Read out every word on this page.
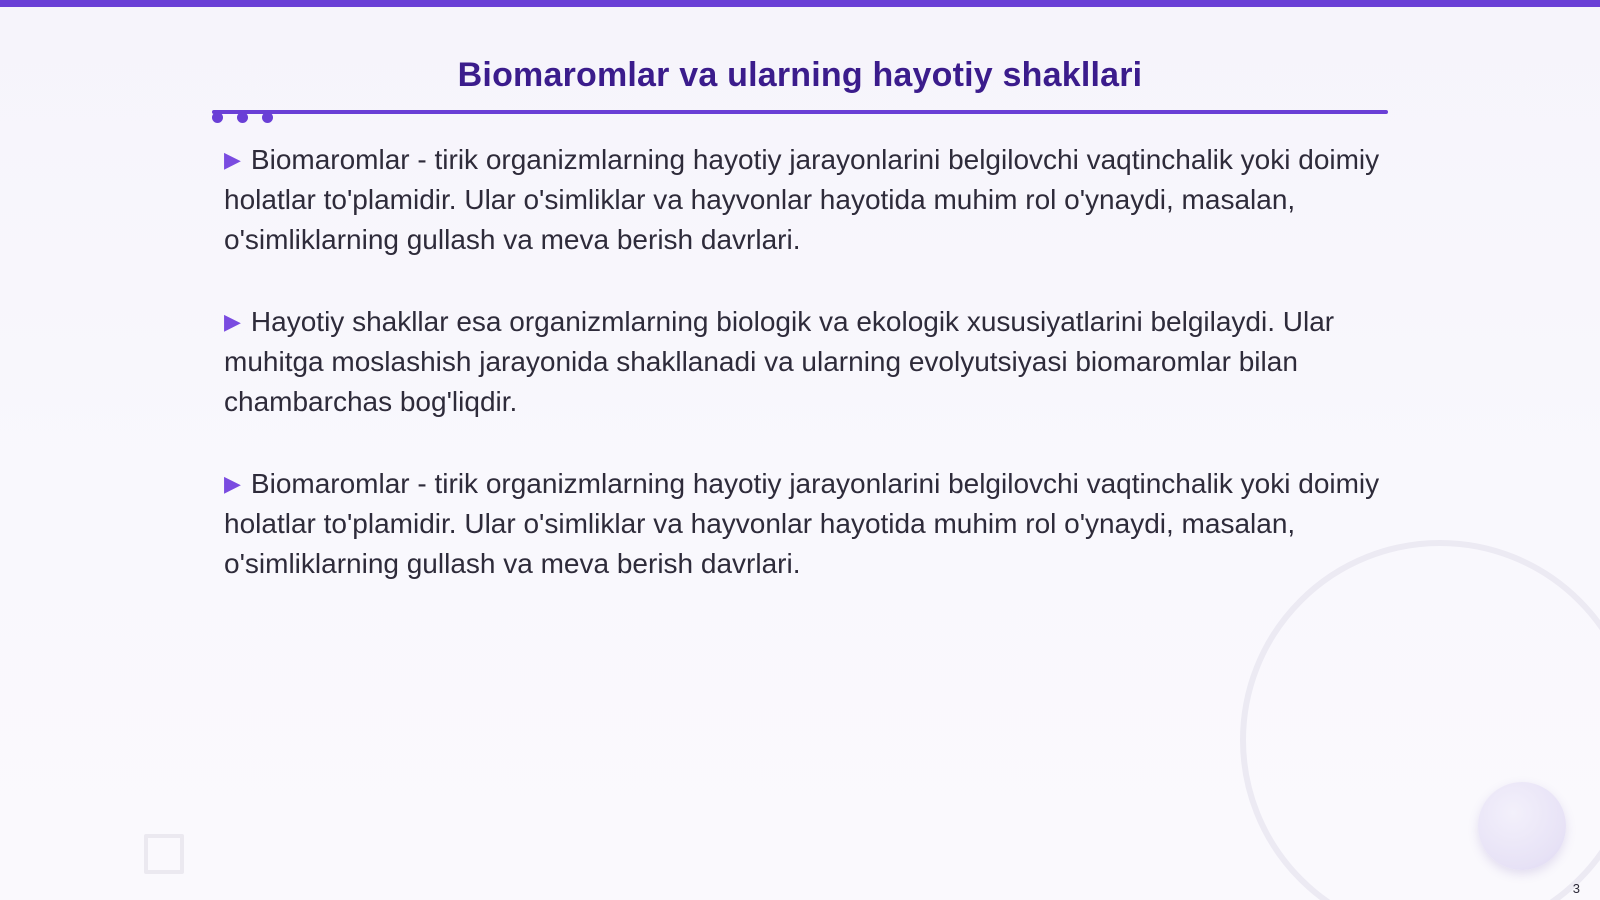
Biomaromlar va ularning hayotiy shakllari

▶ Biomaromlar - tirik organizmlarning hayotiy jarayonlarini belgilovchi vaqtinchalik yoki doimiy holatlar to'plamidir. Ular o'simliklar va hayvonlar hayotida muhim rol o'ynaydi, masalan, o'simliklarning gullash va meva berish davrlari.

▶ Hayotiy shakllar esa organizmlarning biologik va ekologik xususiyatlarini belgilaydi. Ular muhitga moslashish jarayonida shakllanadi va ularning evolyutsiyasi biomaromlar bilan chambarchas bog'liqdir.

▶ Biomaromlar - tirik organizmlarning hayotiy jarayonlarini belgilovchi vaqtinchalik yoki doimiy holatlar to'plamidir. Ular o'simliklar va hayvonlar hayotida muhim rol o'ynaydi, masalan, o'simliklarning gullash va meva berish davrlari.

3
